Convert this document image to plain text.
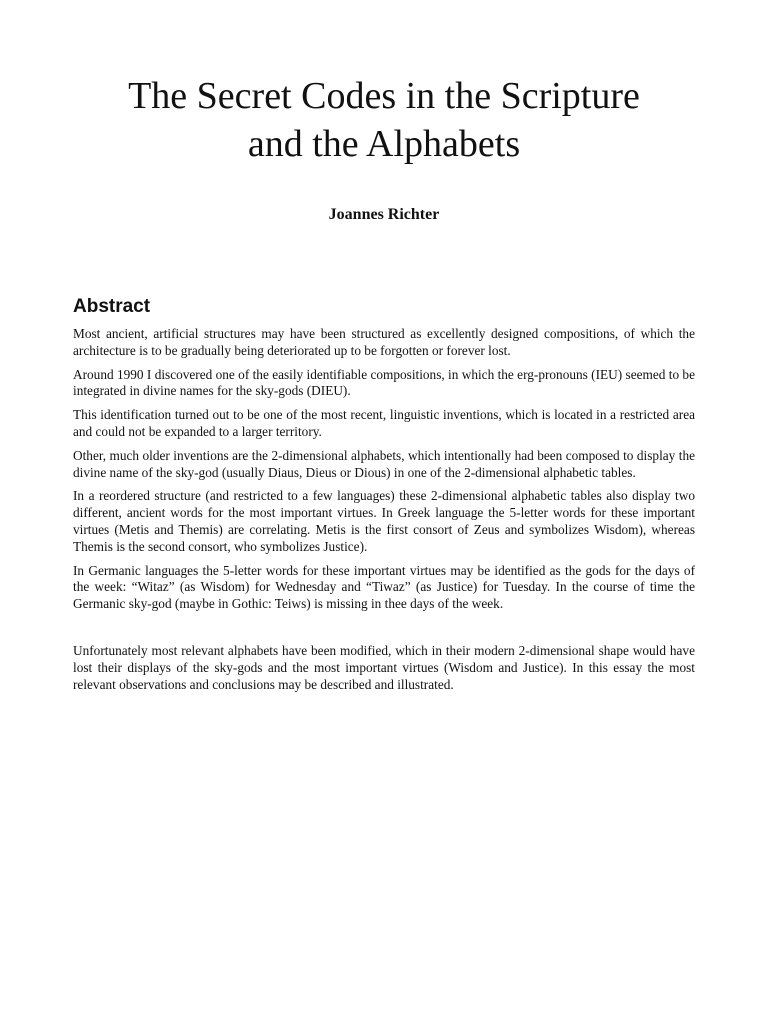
The Secret Codes in the Scripture
and the Alphabets
Joannes Richter
Abstract

Most ancient, artificial structures may have been structured as excellently designed compositions, of which the architecture is to be gradually being deteriorated up to be forgotten or forever lost.

Around 1990 I discovered one of the easily identifiable compositions, in which the erg-pronouns (IEU) seemed to be integrated in divine names for the sky-gods (DIEU).

This identification turned out to be one of the most recent, linguistic inventions, which is located in a restricted area and could not be expanded to a larger territory.

Other, much older inventions are the 2-dimensional alphabets, which intentionally had been composed to display the divine name of the sky-god (usually Diaus, Dieus or Dious) in one of the 2-dimensional alphabetic tables.

In a reordered structure (and restricted to a few languages) these 2-dimensional alphabetic tables also display two different, ancient words for the most important virtues. In Greek language the 5-letter words for these important virtues (Metis and Themis) are correlating. Metis is the first consort of Zeus and symbolizes Wisdom), whereas Themis is the second consort, who symbolizes Justice).

In Germanic languages the 5-letter words for these important virtues may be identified as the gods for the days of the week: “Witaz” (as Wisdom) for Wednesday and “Tiwaz” (as Justice) for Tuesday. In the course of time the Germanic sky-god (maybe in Gothic: Teiws) is missing in thee days of the week.

Unfortunately most relevant alphabets have been modified, which in their modern 2-dimensional shape would have lost their displays of the sky-gods and the most important virtues (Wisdom and Justice). In this essay the most relevant observations and conclusions may be described and illustrated.
